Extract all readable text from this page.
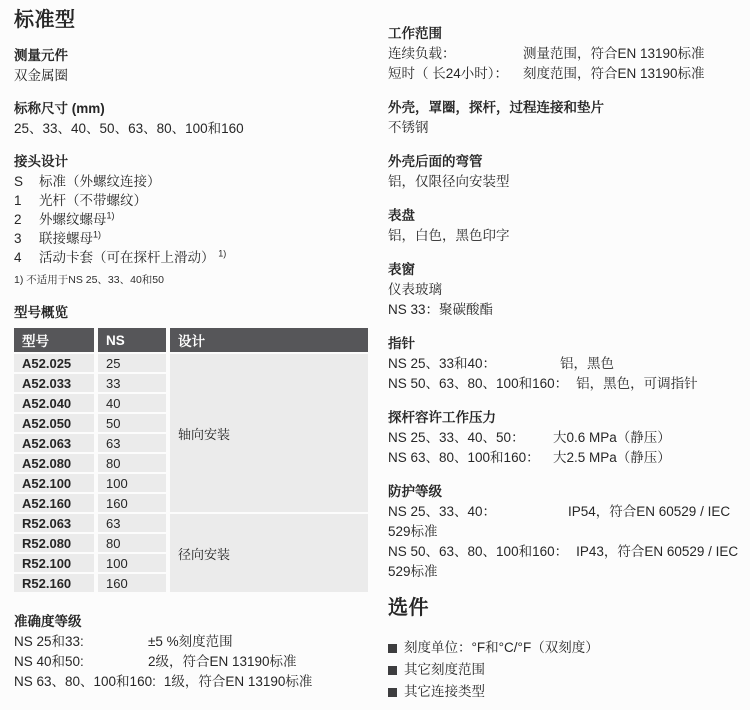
标准型
测量元件
双金属圈
标称尺寸 (mm)
25、33、40、50、63、80、100和160
接头设计
S	标准（外螺纹连接）
1	光杆（不带螺纹）
2	外螺纹螺母$^{1)}$
3	联接螺母$^{1)}$
4	活动卡套（可在探杆上滑动） $^{1)}$
1) 不适用于NS 25、33、40和50
型号概览
型号	NS	设计
A52.025	25	轴向安装
A52.033	33	
A52.040	40	
A52.050	50	
A52.063	63	
A52.080	80	
A52.100	100	
A52.160	160	
R52.063	63	径向安装
R52.080	80	
R52.100	100	
R52.160	160	
准确度等级
NS 25和33:	±5 %刻度范围
NS 40和50:	2级，符合EN 13190标准
NS 63、80、100和160: 1级，符合EN 13190标准
工作范围
连续负载：	测量范围，符合EN 13190标准
短时（ 长24小时）：	刻度范围，符合EN 13190标准
外壳，罩圈，探杆，过程连接和垫片
不锈钢
外壳后面的弯管
铝，仅限径向安装型
表盘
铝，白色，黑色印字
表窗
仪表玻璃
NS 33：聚碳酸酯
指针
NS 25、33和40：	铝，黑色
NS 50、63、80、100和160： 铝，黑色，可调指针
探杆容许工作压力
NS 25、33、40、50：	大0.6 MPa（静压）
NS 63、80、100和160： 大2.5 MPa（静压）
防护等级
NS 25、33、40：	IP54，符合EN 60529 / IEC
529标准
NS 50、63、80、100和160： IP43，符合EN 60529 / IEC
529标准
选件
刻度单位：°F和°C/°F（双刻度）
其它刻度范围
其它连接类型
